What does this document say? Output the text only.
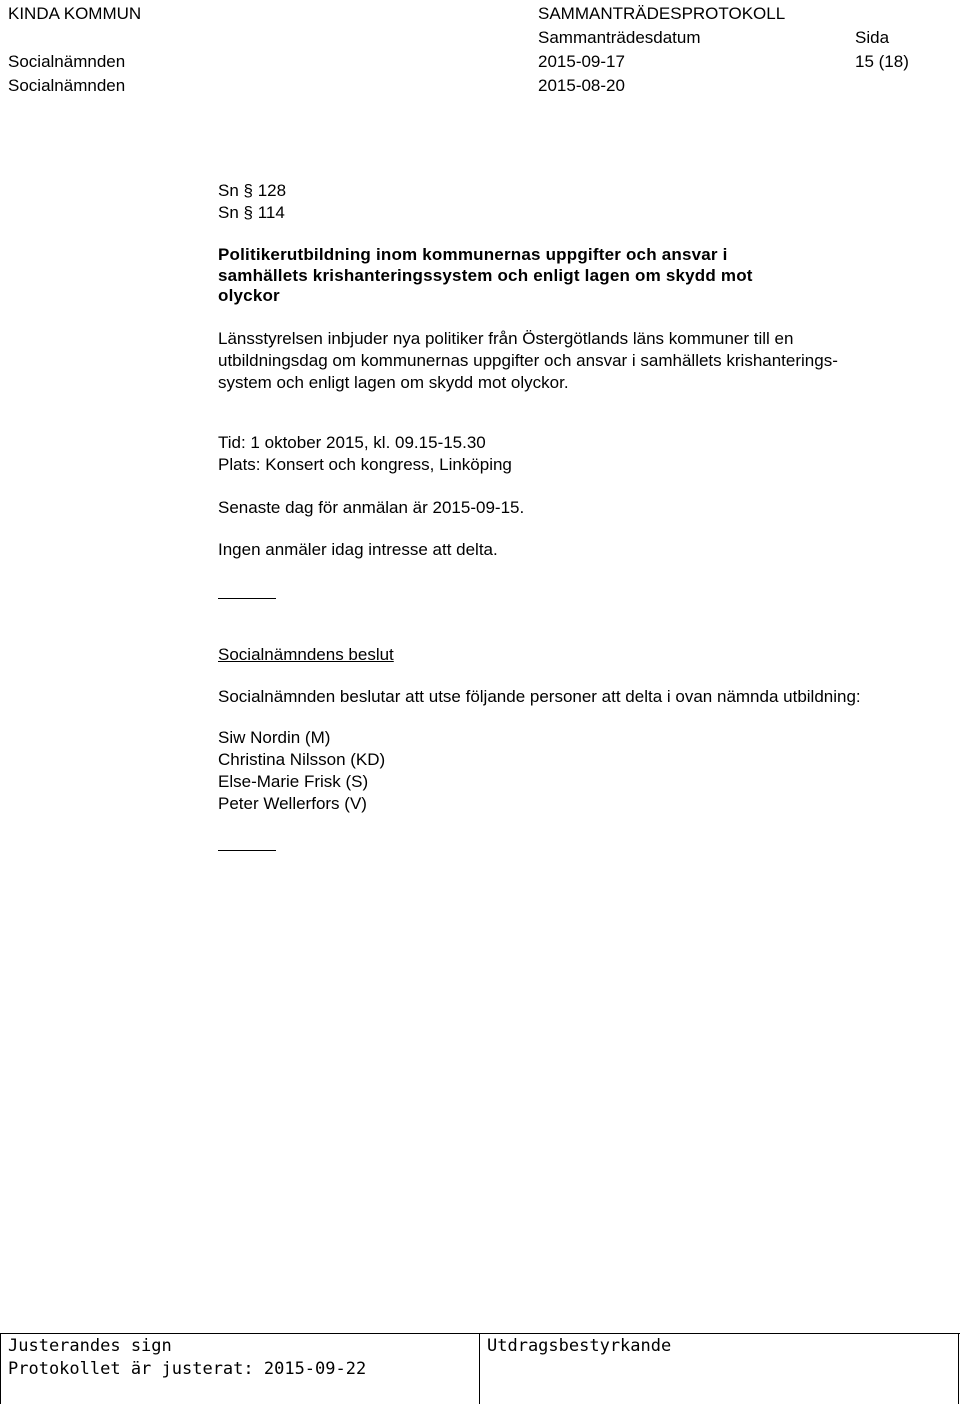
KINDA KOMMUN	SAMMANTRÄDESPROTOKOLL
Sammanträdesdatum	Sida
Socialnämnden	2015-09-17	15 (18)
Socialnämnden	2015-08-20
Sn § 128
Sn § 114
Politikerutbildning inom kommunernas uppgifter och ansvar i
samhällets krishanteringssystem och enligt lagen om skydd mot
olyckor
Länsstyrelsen inbjuder nya politiker från Östergötlands läns kommuner till en
utbildningsdag om kommunernas uppgifter och ansvar i samhällets krishanterings-
system och enligt lagen om skydd mot olyckor.
Tid: 1 oktober 2015, kl. 09.15-15.30
Plats: Konsert och kongress, Linköping
Senaste dag för anmälan är 2015-09-15.
Ingen anmäler idag intresse att delta.
Socialnämndens beslut
Socialnämnden beslutar att utse följande personer att delta i ovan nämnda utbildning:
Siw Nordin (M)
Christina Nilsson (KD)
Else-Marie Frisk (S)
Peter Wellerfors (V)
Justerandes sign	Utdragsbestyrkande
Protokollet är justerat: 2015-09-22
